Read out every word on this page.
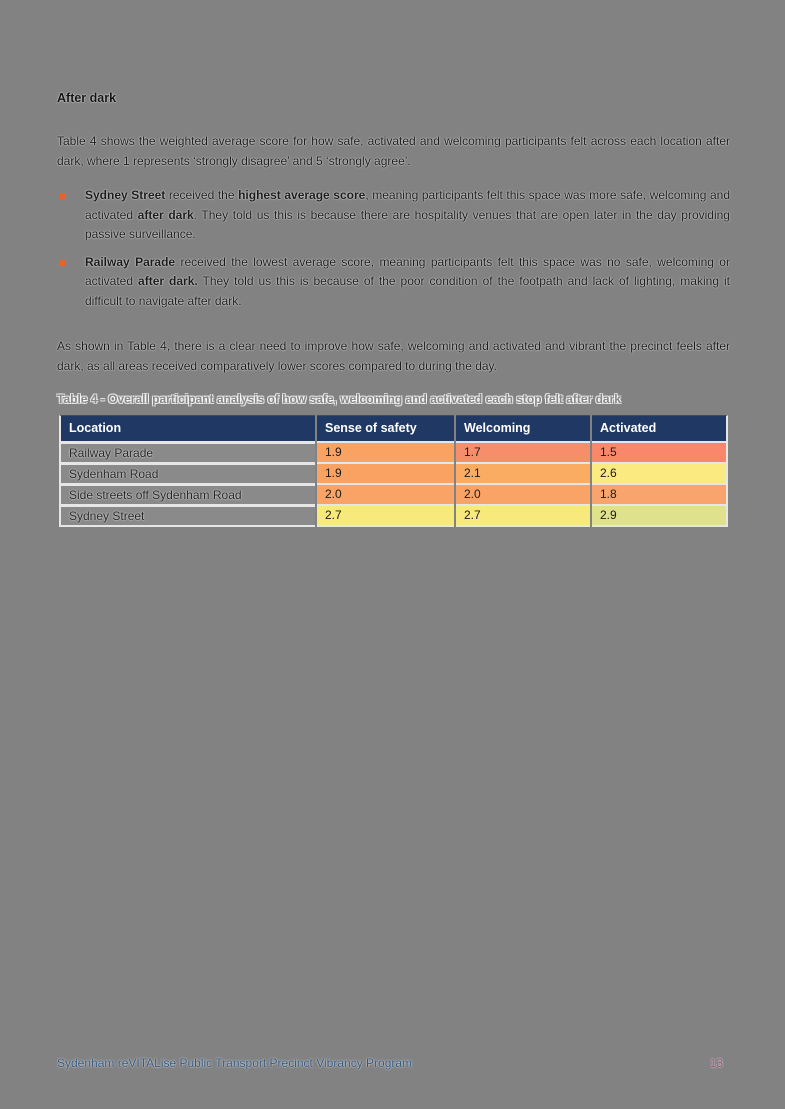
After dark

Table 4 shows the weighted average score for how safe, activated and welcoming participants felt across each location after dark, where 1 represents ‘strongly disagree’ and 5 ‘strongly agree’.

Sydney Street received the highest average score, meaning participants felt this space was more safe, welcoming and activated after dark. They told us this is because there are hospitality venues that are open later in the day providing passive surveillance.
Railway Parade received the lowest average score, meaning participants felt this space was no safe, welcoming or activated after dark. They told us this is because of the poor condition of the footpath and lack of lighting, making it difficult to navigate after dark.

As shown in Table 4, there is a clear need to improve how safe, welcoming and activated and vibrant the precinct feels after dark, as all areas received comparatively lower scores compared to during the day.

Table 4 - Overall participant analysis of how safe, welcoming and activated each stop felt after dark
Location	Sense of safety	Welcoming	Activated
Railway Parade	1.9	1.7	1.5
Sydenham Road	1.9	2.1	2.6
Side streets off Sydenham Road	2.0	2.0	1.8
Sydney Street	2.7	2.7	2.9
Sydenham reVITALise Public Transport Precinct Vibrancy Program	13
